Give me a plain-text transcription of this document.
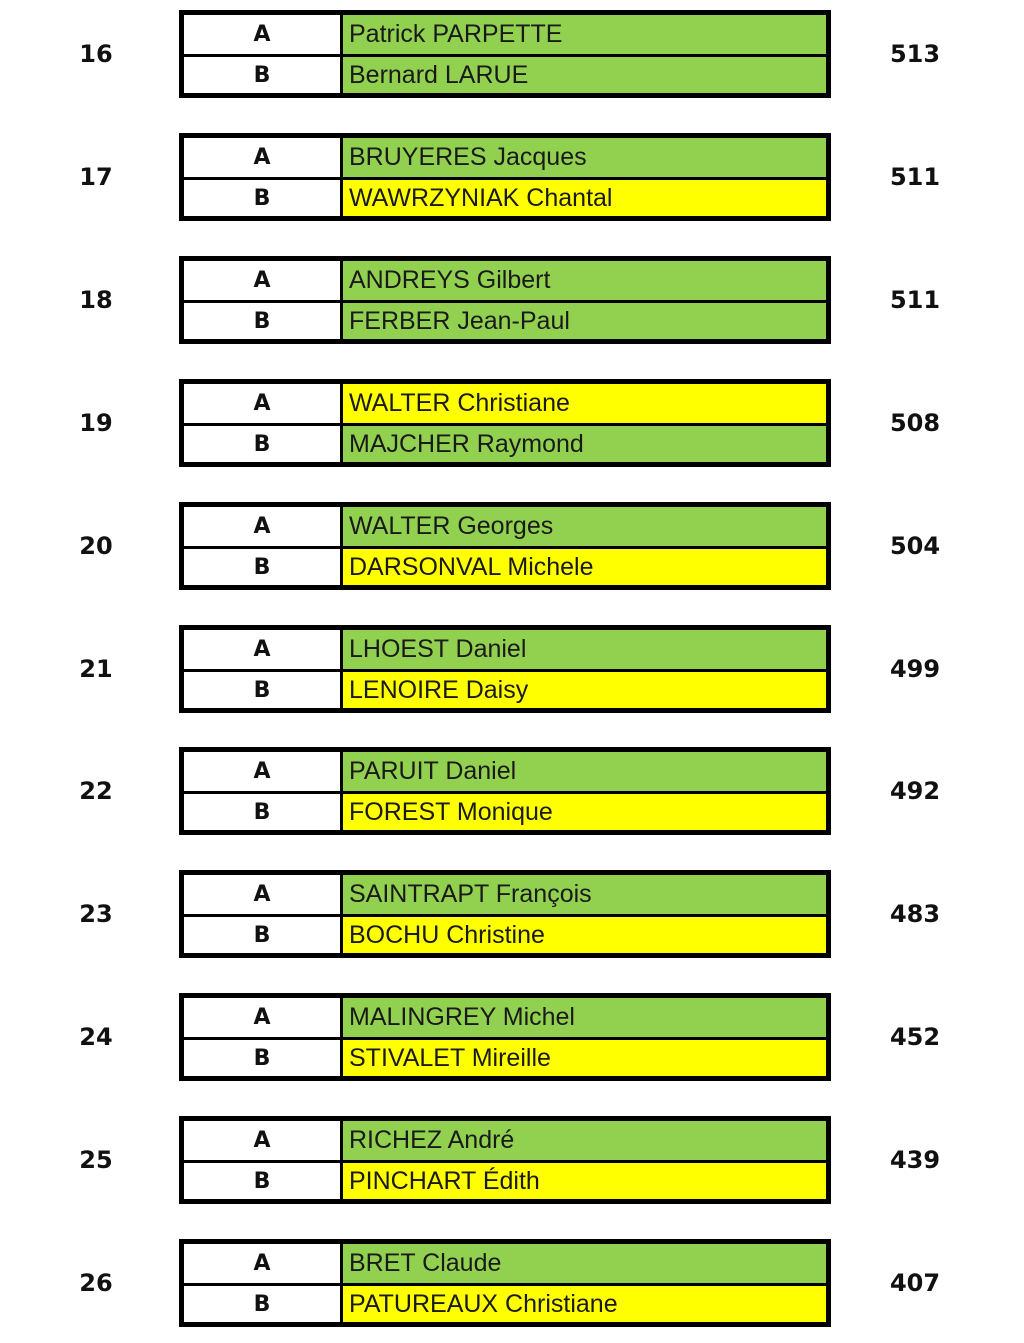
16
A	Patrick PARPETTE
B	Bernard LARUE
513
17
A	BRUYERES Jacques
B	WAWRZYNIAK Chantal
511
18
A	ANDREYS Gilbert
B	FERBER Jean-Paul
511
19
A	WALTER Christiane
B	MAJCHER Raymond
508
20
A	WALTER Georges
B	DARSONVAL Michele
504
21
A	LHOEST Daniel
B	LENOIRE Daisy
499
22
A	PARUIT Daniel
B	FOREST Monique
492
23
A	SAINTRAPT François
B	BOCHU Christine
483
24
A	MALINGREY Michel
B	STIVALET Mireille
452
25
A	RICHEZ André
B	PINCHART Édith
439
26
A	BRET Claude
B	PATUREAUX Christiane
407
